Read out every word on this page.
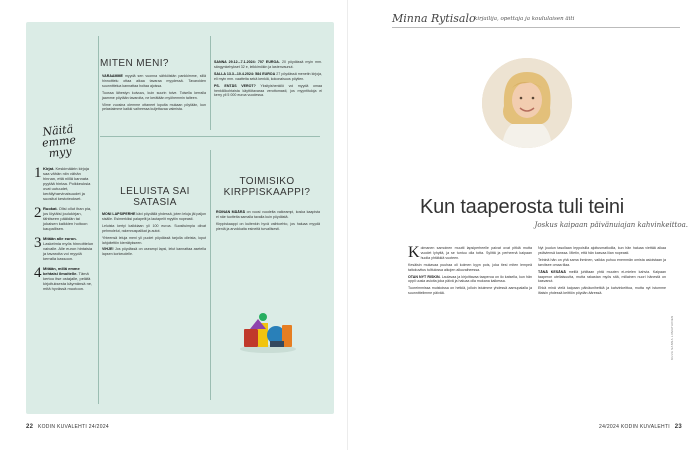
Näitä emme myy
1 Kirjat. Keskimäärin kirjoja saa vähän niin vähän hinnan, että niillä kannata pyytää hintaa. Poikkeuksia ovat uutuudet, keräilyharvinaisuudet ja suositut kestoteokset.
2 Ruokat. Olisi ollut ihan pia, jos löytäisi joulukirjan, tähtiseen pääidän tai jokaisen kaikkien hoitoon kaupallisen.
3 Mitään alle euron. Laskelmia myös hinnoittelun vaivalle. Alle euron hintaisia ja tavaroita voi myydä kerralla kassoon.
4 Mitään, millä emme kehtaisi ilmoitelle. Tämä kertoo itse ostajalle, pelätä kirjoituksesta käymänsä ne, mitä hyvässä muotoon.
MITEN MENI?

VARAAMME myydä sen vuonna sähköistän pankkimme, sillä hinnoittelu ottaa aikaa tavaraa myydessä. Tavaroiden suunnittelua kannattaa hoitaa ajoissa.

Tuossa lähestyn kuivuus, kuin suurin toive. Toisella kerralla jaamme pöytään tavaroita, ne kerätään myöhemmin talteen.

Viime vuosina olemme ottaneet lopulta mukaan pöytään, kun pelastaimme kaikki vaiheessa kuljettavaa valmista.

SANNA 29.12.–7.1.2024: 707 EUROA. 20 pöydässä myin mm. sängynkehykset 32 e, leikkimökin ja lastenvaunut.

SALLA 13.3.–10.4.2024: 584 EUROA 27 pöydässä menetin kirjoja, eli myin mm. vaatteita sekä kenkiä, kokonaisuus pöytien.

PS. ENTÄS VEROT? Yksityishenkilö voi myydä omaa henkilökohtaista käyttötavaraa verottomasti, jos myyntituloja ei kerry yli 5 000 euroa vuodessa.

LELUISTA SAI SATASIA

MONI LAPSIPERHE kävi pöydällä yhdessä, joten leluja jäi paljon sisälle. Esimerkiksi palapelit ja lautapelit myytiin nopeasti.

Leluista kertyi kaikkiaan yli 100 euroa. Suosituimpia olivat pehmolelut, rakennuspalikat ja autot.

Yhteensä leluja meni yli puolet pöydässä tarjolla olleista, loput lahjoitettiin kierrätykseen.

VIHJE! Jos pöydässä on useampi lapsi, lelut kannattaa asetella lapsen korkeudelle.

TOIMISIKO KIRPPISKAAPPI?

ROINAN MÄÄRÄ on vuosi vuodelta vaikeampi, koska kaapista ei näe tuotteita samalla tavalla kuin pöydästä.

Kirppiskaappi on kuitenkin hyvä vaihtoehto, jos haluaa myydä pieniä ja arvokkaita esineitä turvallisesti.

22 KODIN KUVALEHTI 24/2024
Minna Rytisalo
kirjailija, opettaja ja koululaisen äiti
Kun taaperosta tuli teini
Joskus kaipaan päivänuiajan kahvinkeittoa.

Kolmanen samoinen muutti lapsiperheelle paivat ovat pitkiä mutta vuodet lyhyitä, ja se tuntuu olla totta. Sylittä ja perheenä kaipaan huolia yhtäkkiä vuoteen.

Kesäisin mukavaa puuhaa oli kolmen kyyn pois, joka tiesi miten lempeä taitokuvitus tulitulossa aikojen alkuvaiheessa.

OTAN NYT RISKIN. Laulavaa ja kirjoittavaa taaperoa on ilo katsella, kun hän oppii uusia asioita joka päivä ja haluaa olla mukana kaikessa.

Tuoreimmissa muistoissa on hetkiä, jolloin istuimme yhdessä aamupalalla ja suunnittelimme päivää.

Nyt joudun tasollaan leppoisilla ajoitusmatkoilla, kun hän haluaa viettää aikaa ystäviensä kanssa. Mietin, että hän kasvaa liian nopeasti.

Teininä hän on yhä sama ihminen, vaikka puhuu enemmän omista asioistaan ja tarvitsee omaa tilaa.

TÄNÄ KESÄNÄ meillä juhlitaan yhtä muuten ei-mielen kahvia. Kaipaan taaperon uteliaisuutta, mutta rakastan myös sitä, millainen nuori hänestä on kasvanut.

Ehkä minä vielä kaipaan päiväunihetkiä ja kahvinkeittoa, mutta nyt istumme iltaisin yhdessä keittiön pöydän ääressä.

KUVA SANNA LIIMATAINEN
24/2024 KODIN KUVALEHTI 23
